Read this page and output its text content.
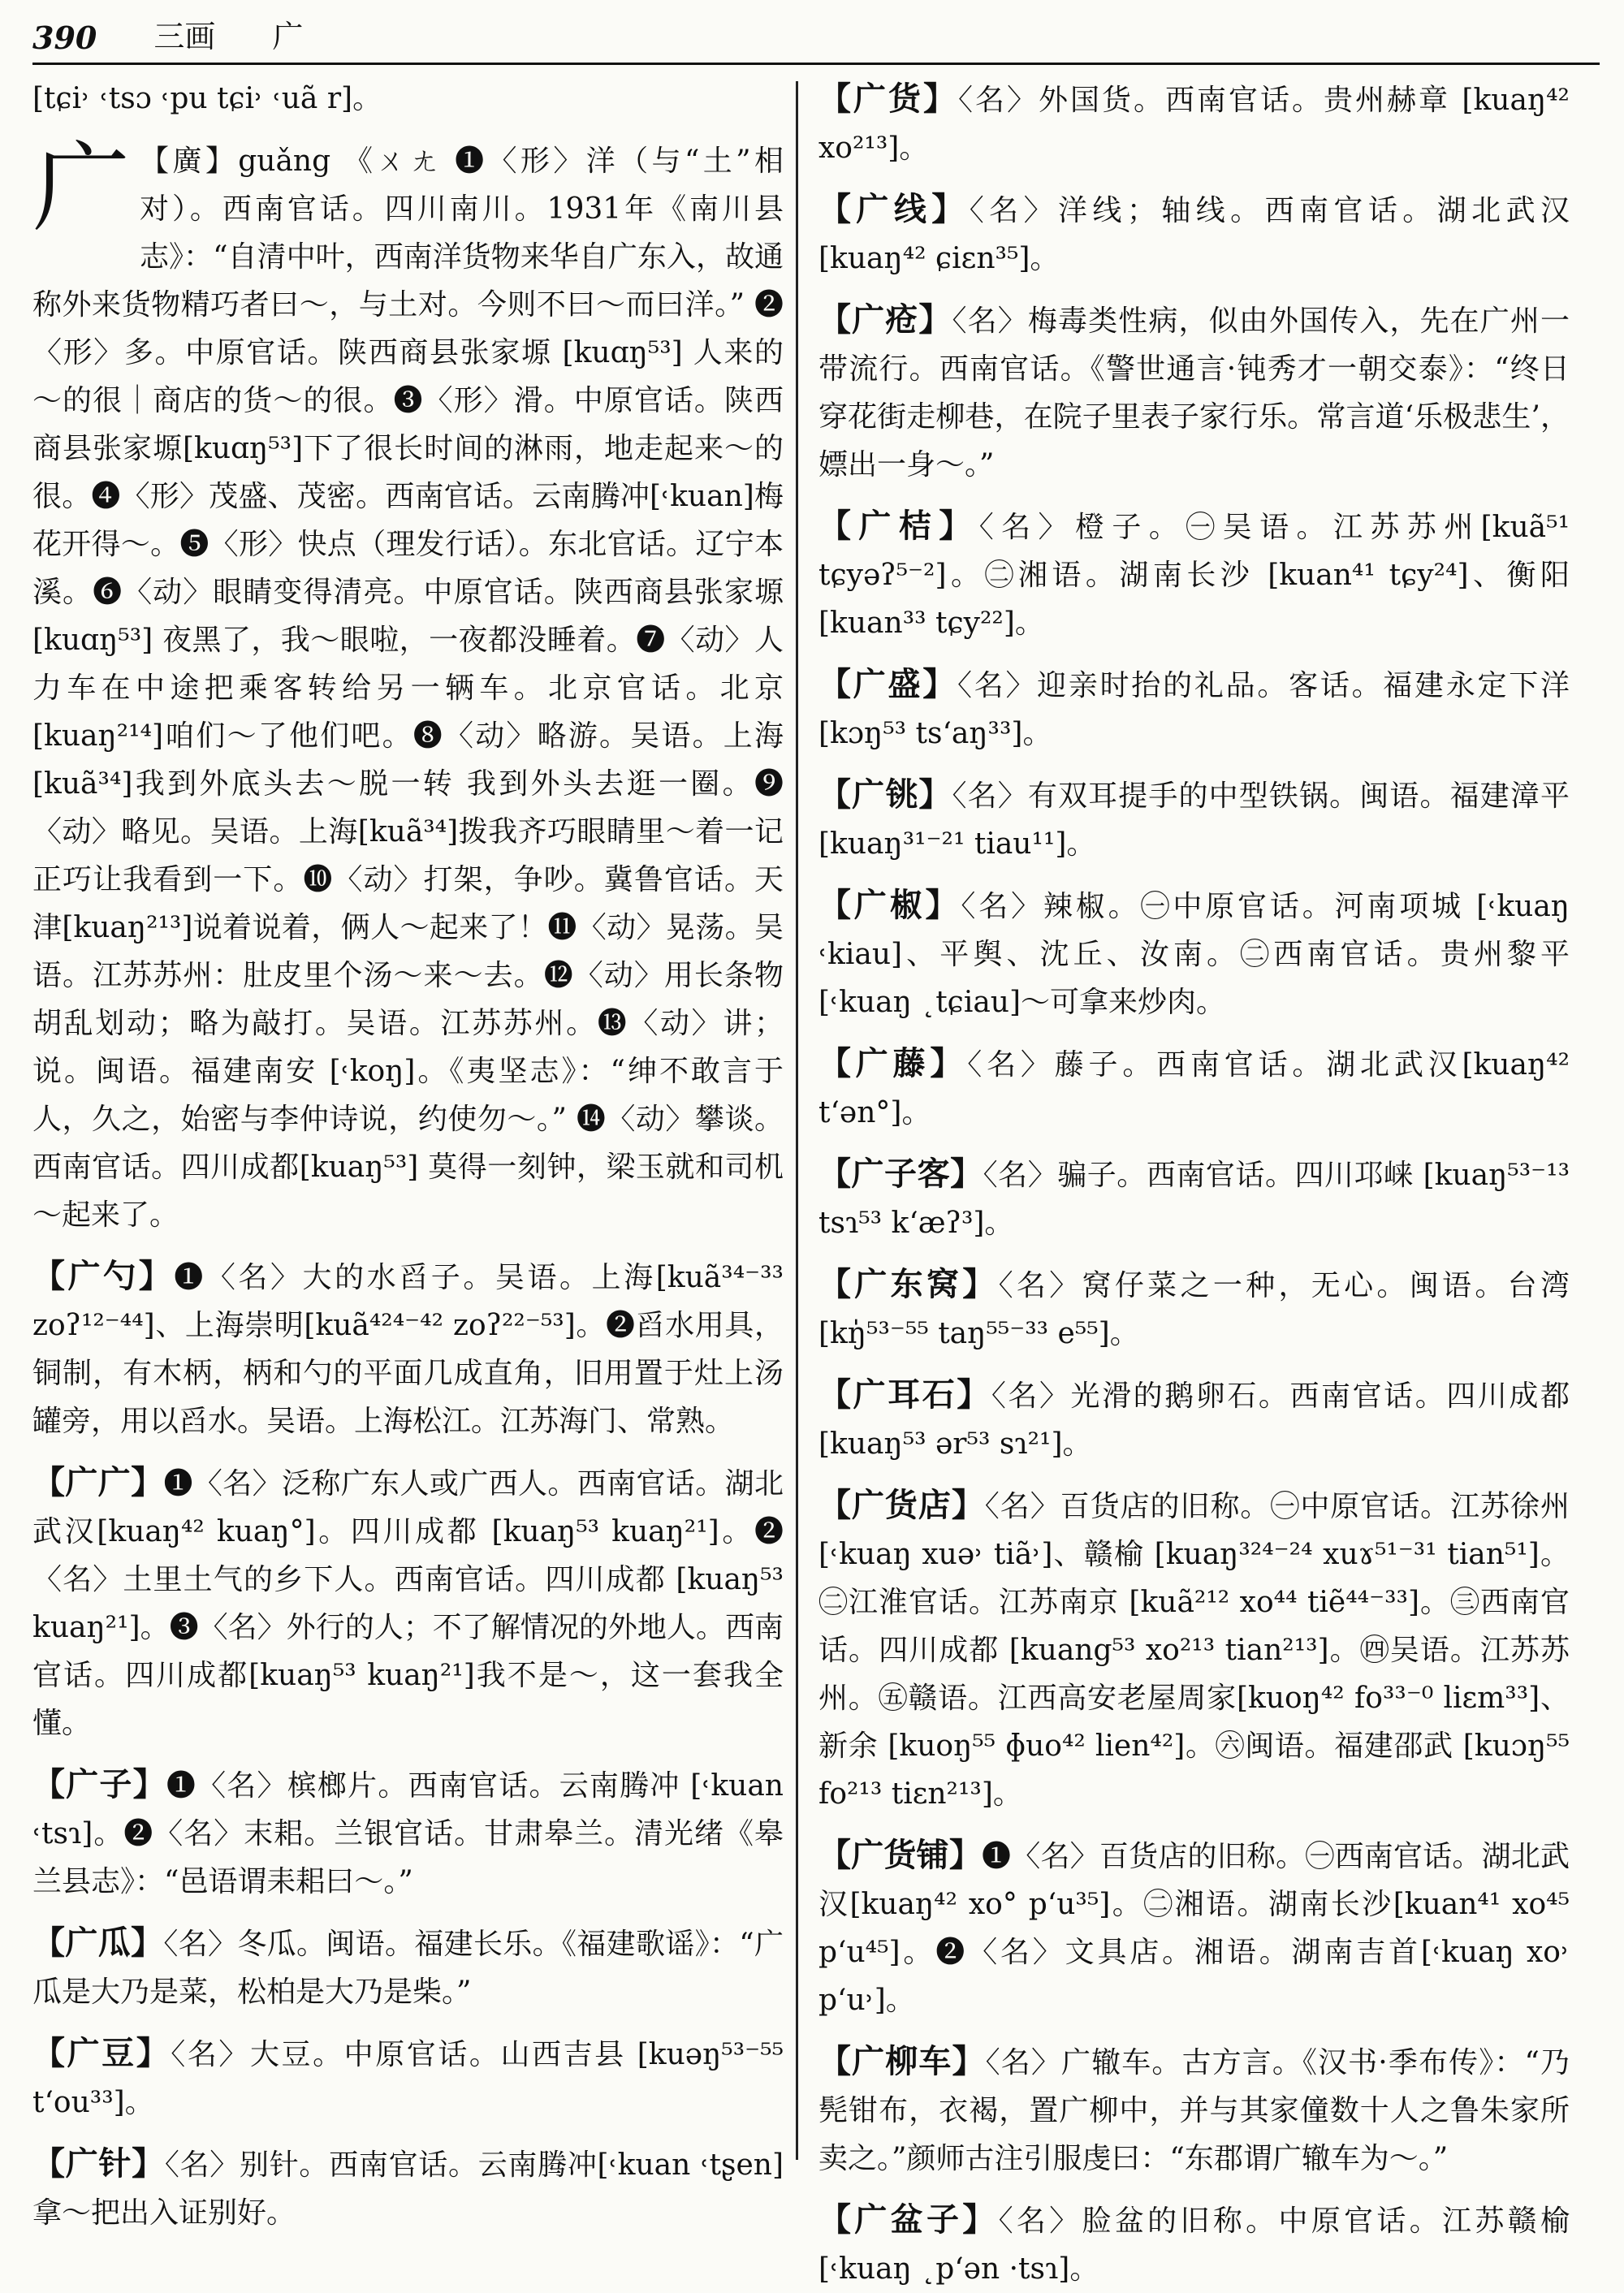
390 三画 广
[tɕi˒ ˓tsɔ ˓pu tɕi˒ ˓uã r]。
广 【廣】guǎng 《ㄨㄤ ❶〈形〉洋（与“土”相对）。西南官话。四川南川。1931年《南川县志》：“自清中叶，西南洋货物来华自广东入，故通称外来货物精巧者曰～，与土对。今则不曰～而曰洋。” ❷〈形〉多。中原官话。陕西商县张家塬 [kuɑŋ⁵³] 人来的～的很｜商店的货～的很。❸〈形〉滑。中原官话。陕西商县张家塬[kuɑŋ⁵³]下了很长时间的淋雨，地走起来～的很。❹〈形〉茂盛、茂密。西南官话。云南腾冲[˓kuan]梅花开得～。❺〈形〉快点（理发行话）。东北官话。辽宁本溪。❻〈动〉眼睛变得清亮。中原官话。陕西商县张家塬 [kuɑŋ⁵³] 夜黑了，我～眼啦，一夜都没睡着。❼〈动〉人力车在中途把乘客转给另一辆车。北京官话。北京[kuaŋ²¹⁴]咱们～了他们吧。❽〈动〉略游。吴语。上海[kuã³⁴]我到外底头去～脱一转 我到外头去逛一圈。❾〈动〉略见。吴语。上海[kuã³⁴]拨我齐巧眼睛里～着一记正巧让我看到一下。❿〈动〉打架，争吵。冀鲁官话。天津[kuaŋ²¹³]说着说着，俩人～起来了！⓫〈动〉晃荡。吴语。江苏苏州：肚皮里个汤～来～去。⓬〈动〉用长条物胡乱划动；略为敲打。吴语。江苏苏州。⓭〈动〉讲；说。闽语。福建南安 [˓koŋ]。《夷坚志》：“绅不敢言于人，久之，始密与李仲诗说，约使勿～。” ⓮〈动〉攀谈。西南官话。四川成都[kuaŋ⁵³] 莫得一刻钟，梁玉就和司机～起来了。
【广勺】❶〈名〉大的水舀子。吴语。上海[kuã³⁴⁻³³ zoʔ¹²⁻⁴⁴]、上海崇明[kuã⁴²⁴⁻⁴² zoʔ²²⁻⁵³]。❷舀水用具，铜制，有木柄，柄和勺的平面几成直角，旧用置于灶上汤罐旁，用以舀水。吴语。上海松江。江苏海门、常熟。
【广广】❶〈名〉泛称广东人或广西人。西南官话。湖北武汉[kuaŋ⁴² kuaŋ°]。四川成都 [kuaŋ⁵³ kuaŋ²¹]。❷〈名〉土里土气的乡下人。西南官话。四川成都 [kuaŋ⁵³ kuaŋ²¹]。❸〈名〉外行的人；不了解情况的外地人。西南官话。四川成都[kuaŋ⁵³ kuaŋ²¹]我不是～，这一套我全懂。
【广子】❶〈名〉槟榔片。西南官话。云南腾冲 [˓kuan ˓tsɿ]。❷〈名〉末耜。兰银官话。甘肃皋兰。清光绪《皋兰县志》：“邑语谓耒耜曰～。”
【广瓜】〈名〉冬瓜。闽语。福建长乐。《福建歌谣》：“广瓜是大乃是菜，松柏是大乃是柴。”
【广豆】〈名〉大豆。中原官话。山西吉县 [kuəŋ⁵³⁻⁵⁵ t‘ou³³]。
【广针】〈名〉别针。西南官话。云南腾冲[˓kuan ˓tʂen] 拿～把出入证别好。
【广货】〈名〉外国货。西南官话。贵州赫章 [kuaŋ⁴² xo²¹³]。
【广线】〈名〉洋线；轴线。西南官话。湖北武汉 [kuaŋ⁴² ɕiɛn³⁵]。
【广疮】〈名〉梅毒类性病，似由外国传入，先在广州一带流行。西南官话。《警世通言·钝秀才一朝交泰》：“终日穿花街走柳巷，在院子里表子家行乐。常言道‘乐极悲生’，嫖出一身～。”
【广桔】〈名〉橙子。㊀吴语。江苏苏州[kuã⁵¹ tɕyəʔ⁵⁻²]。㊁湘语。湖南长沙 [kuan⁴¹ tɕy²⁴]、衡阳[kuan³³ tɕy²²]。
【广盛】〈名〉迎亲时抬的礼品。客话。福建永定下洋 [kɔŋ⁵³ ts‘aŋ³³]。
【广铫】〈名〉有双耳提手的中型铁锅。闽语。福建漳平[kuaŋ³¹⁻²¹ tiau¹¹]。
【广椒】〈名〉辣椒。㊀中原官话。河南项城 [˓kuaŋ ˓kiau]、平舆、沈丘、汝南。㊁西南官话。贵州黎平 [˓kuaŋ ˛tɕiau]～可拿来炒肉。
【广藤】〈名〉藤子。西南官话。湖北武汉[kuaŋ⁴² t‘ən°]。
【广子客】〈名〉骗子。西南官话。四川邛崃 [kuaŋ⁵³⁻¹³ tsɿ⁵³ k‘æʔ³]。
【广东窝】〈名〉窝仔菜之一种，无心。闽语。台湾[kŋ̍⁵³⁻⁵⁵ taŋ⁵⁵⁻³³ e⁵⁵]。
【广耳石】〈名〉光滑的鹅卵石。西南官话。四川成都 [kuaŋ⁵³ ər⁵³ sɿ²¹]。
【广货店】〈名〉百货店的旧称。㊀中原官话。江苏徐州 [˓kuaŋ xuə˒ tiã˒]、赣榆 [kuaŋ³²⁴⁻²⁴ xuɤ⁵¹⁻³¹ tian⁵¹]。㊁江淮官话。江苏南京 [kuã²¹² xo⁴⁴ tiẽ⁴⁴⁻³³]。㊂西南官话。四川成都 [kuang⁵³ xo²¹³ tian²¹³]。㊃吴语。江苏苏州。㊄赣语。江西高安老屋周家[kuoŋ⁴² fo³³⁻⁰ liɛm³³]、新余 [kuoŋ⁵⁵ ɸuo⁴² lien⁴²]。㊅闽语。福建邵武 [kuɔŋ⁵⁵ fo²¹³ tiɛn²¹³]。
【广货铺】❶〈名〉百货店的旧称。㊀西南官话。湖北武汉[kuaŋ⁴² xo° p‘u³⁵]。㊁湘语。湖南长沙[kuan⁴¹ xo⁴⁵ p‘u⁴⁵]。❷〈名〉文具店。湘语。湖南吉首[˓kuaŋ xo˒ p‘u˒]。
【广柳车】〈名〉广辙车。古方言。《汉书·季布传》：“乃髡钳布，衣褐，置广柳中，并与其家僮数十人之鲁朱家所卖之。”颜师古注引服虔曰：“东郡谓广辙车为～。”
【广盆子】〈名〉脸盆的旧称。中原官话。江苏赣榆 [˓kuaŋ ˛p‘ən ·tsɿ]。
